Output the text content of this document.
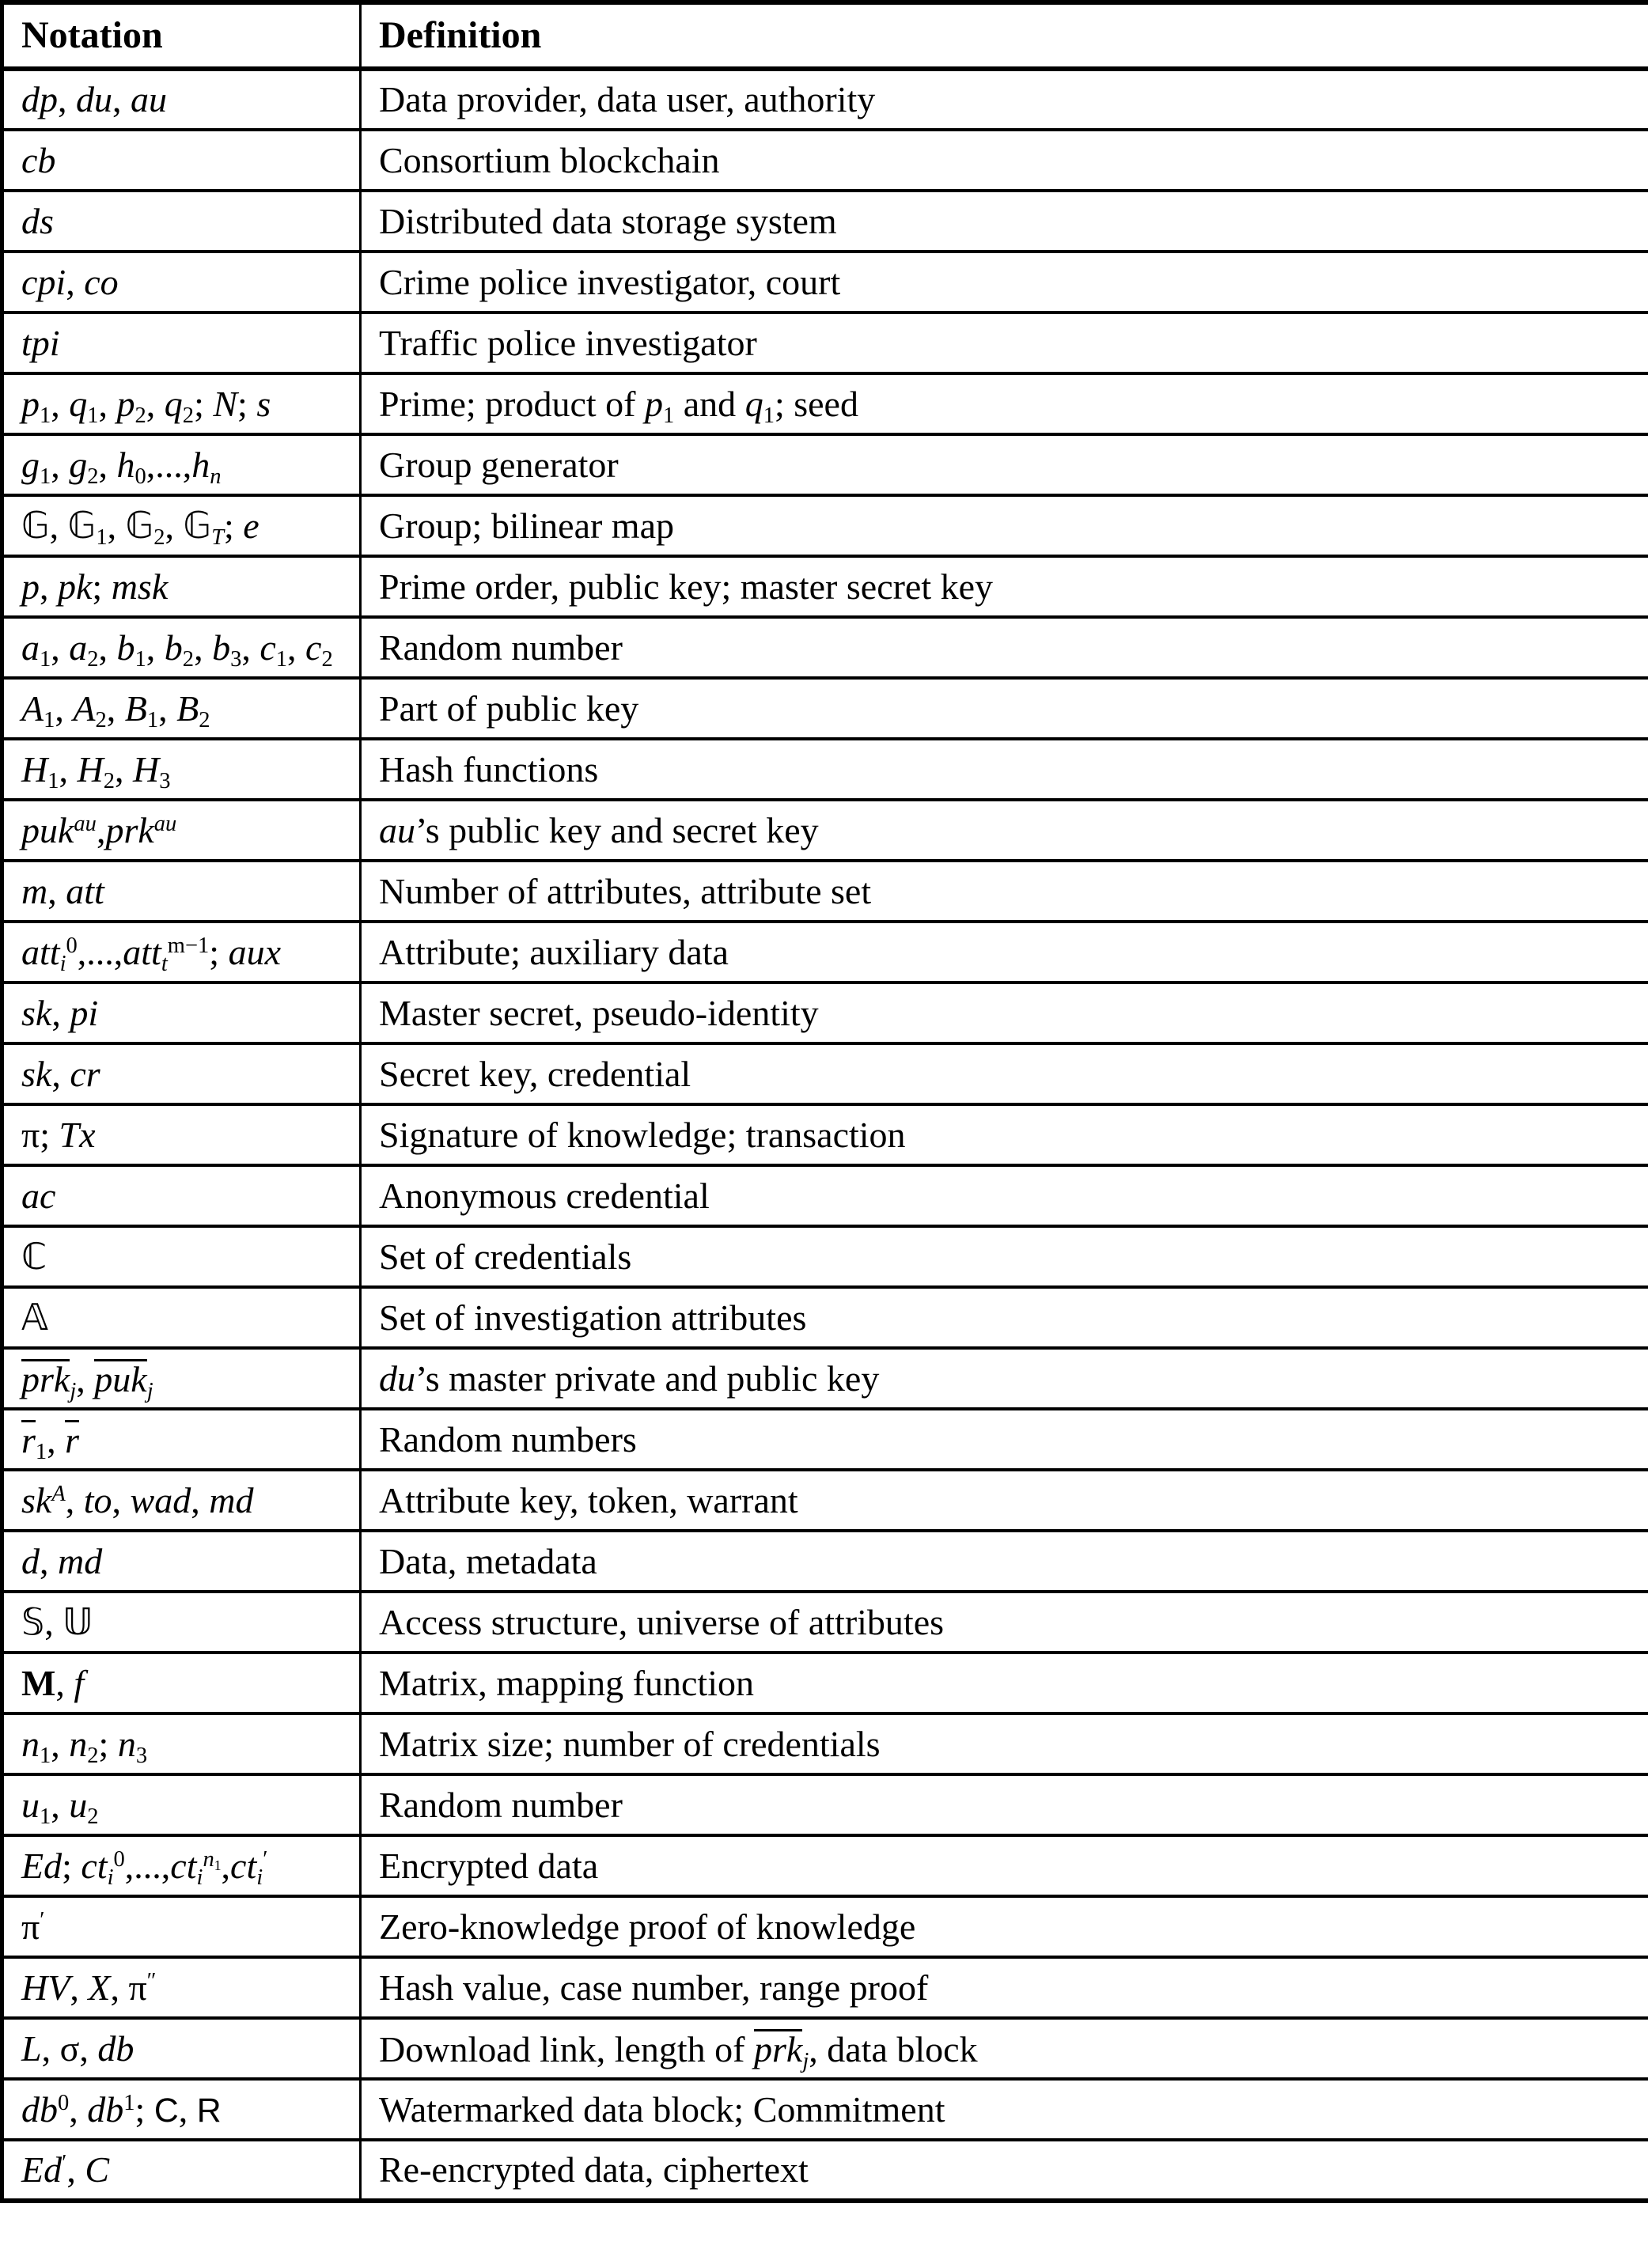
Notation	Definition
dp, du, au	Data provider, data user, authority
cb	Consortium blockchain
ds	Distributed data storage system
cpi, co	Crime police investigator, court
tpi	Traffic police investigator
$p_1$, $q_1$, $p_2$, $q_2$; N; s	Prime; product of $p_1$ and $q_1$; seed
$g_1$, $g_2$, $h_0,...,h_n$	Group generator
𝔾, 𝔾$_1$, 𝔾$_2$, 𝔾$_T$; e	Group; bilinear map
p, pk; msk	Prime order, public key; master secret key
$a_1$, $a_2$, $b_1$, $b_2$, $b_3$, $c_1$, $c_2$	Random number
$A_1$, $A_2$, $B_1$, $B_2$	Part of public key
$H_1$, $H_2$, $H_3$	Hash functions
puk$^{au}$,prk$^{au}$	au’s public key and secret key
m, att	Number of attributes, attribute set
att$_i^0$,...,att$_t^{m-1}$; aux	Attribute; auxiliary data
sk, pi	Master secret, pseudo-identity
sk, cr	Secret key, credential
π; Tx	Signature of knowledge; transaction
ac	Anonymous credential
ℂ	Set of credentials
𝔸	Set of investigation attributes
prk$_j$, puk$_j$	du’s master private and public key
$r_1$, r	Random numbers
$sk^A$, to, wad, md	Attribute key, token, warrant
d, md	Data, metadata
𝕊, 𝕌	Access structure, universe of attributes
M, f	Matrix, mapping function
$n_1$, $n_2$; $n_3$	Matrix size; number of credentials
$u_1$, $u_2$	Random number
Ed; $ct_i^0,...,ct_i^{n_1},ct_i'$	Encrypted data
π′	Zero-knowledge proof of knowledge
HV, X, π″	Hash value, case number, range proof
L, σ, db	Download link, length of prk$_j$, data block
$db^0$, $db^1$; C, R	Watermarked data block; Commitment
Ed′, C	Re-encrypted data, ciphertext
